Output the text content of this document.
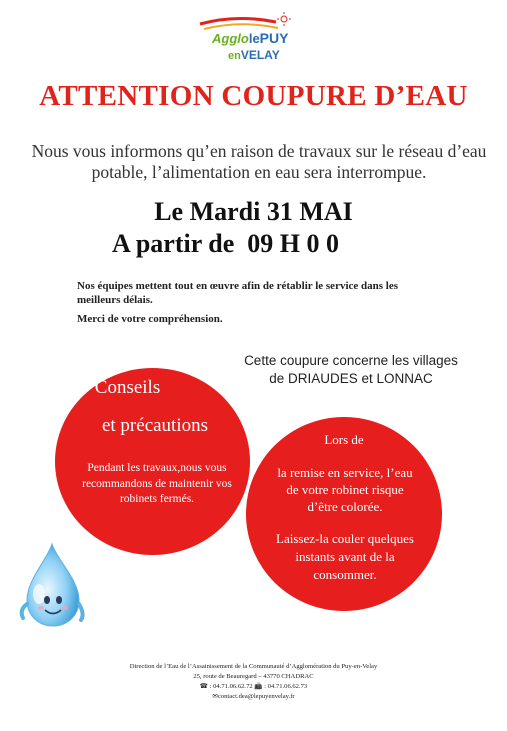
AgglolePUY
enVELAY
ATTENTION COUPURE D’EAU
Nous vous informons qu’en raison de travaux sur le réseau d’eau potable, l’alimentation en eau sera interrompue.
Le Mardi 31 MAI
A partir de  09 H 0 0
Nos équipes mettent tout en œuvre afin de rétablir le service dans les meilleurs délais.
Merci de votre compréhension.
Cette coupure concerne les villages
de DRIAUDES et LONNAC
Conseils
et précautions
Pendant les travaux,nous vous recommandons de maintenir vos robinets fermés.
Lors de
la remise en service, l’eau de votre robinet risque d’être colorée.
Laissez-la couler quelques instants avant de la consommer.
Direction de l’Eau de l’Assainissement de la Communauté d’Agglomération du Puy-en-Velay
25, route de Beauregard – 43770 CHADRAC
☎ : 04.71.06.62.72 📠 : 04.71.06.62.73
✉contact.dea@lepuyenvelay.fr
